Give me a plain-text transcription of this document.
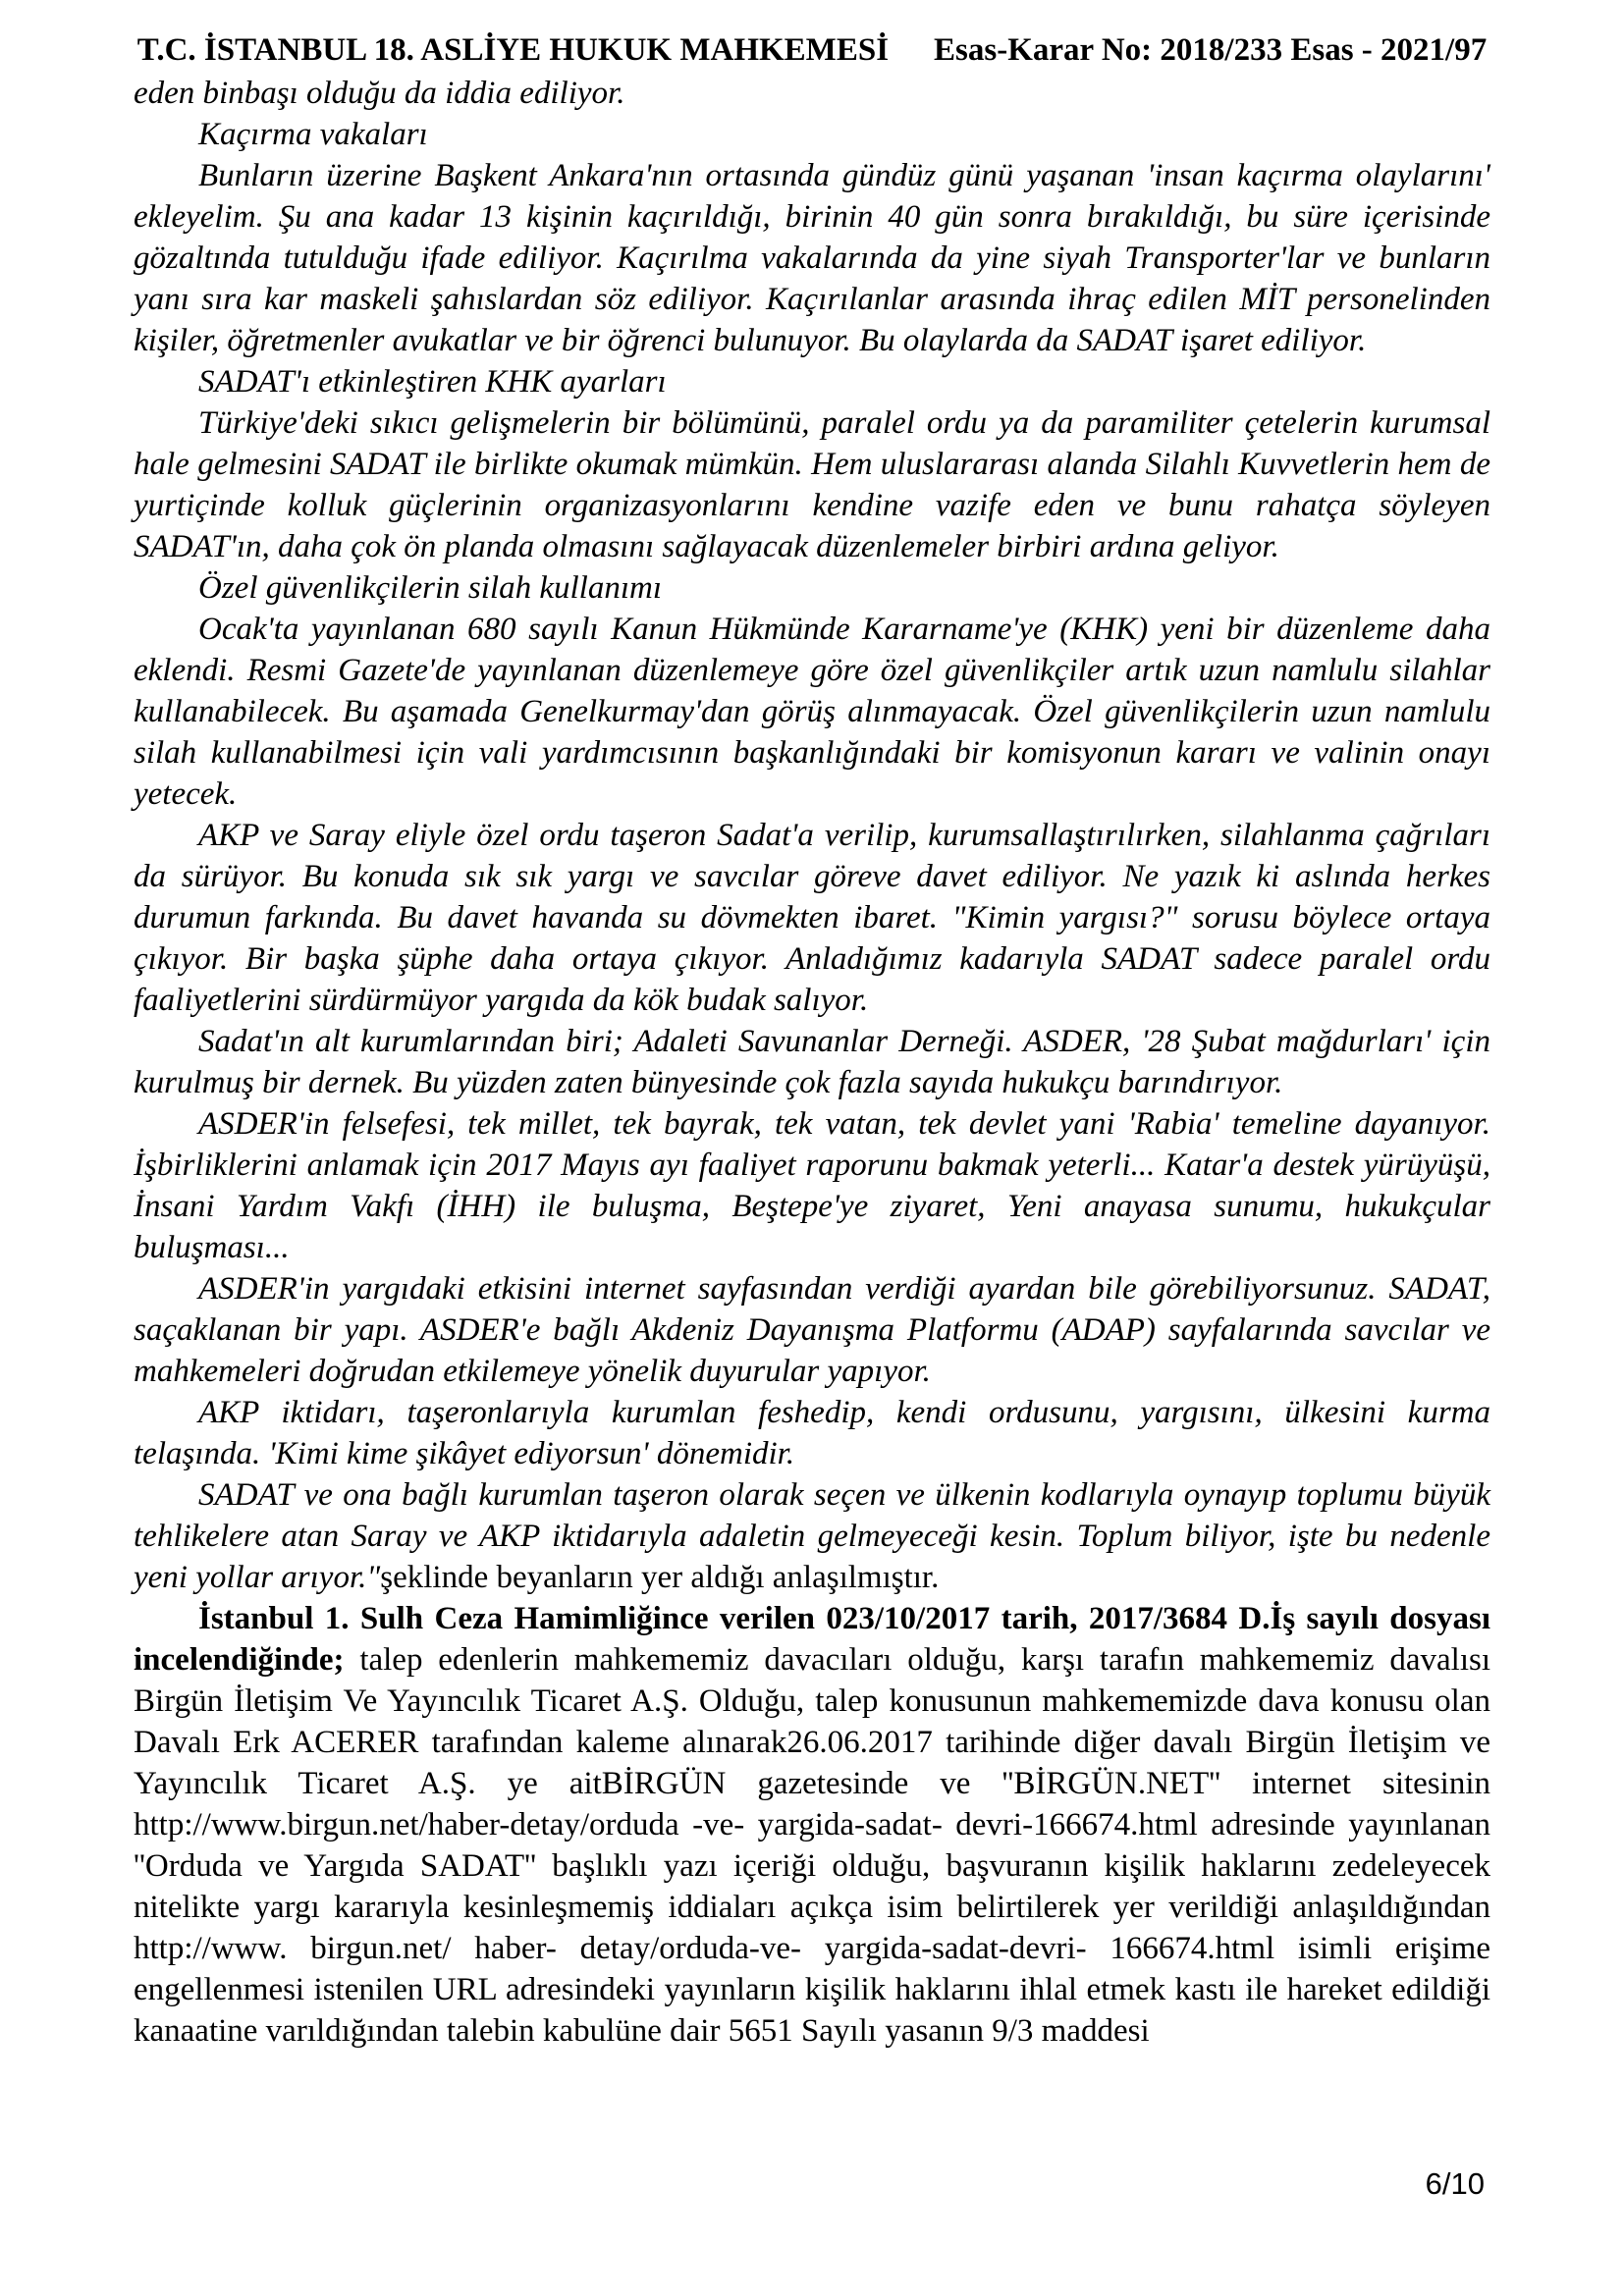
T.C. İSTANBUL 18. ASLİYE HUKUK MAHKEMESİ Esas-Karar No: 2018/233 Esas - 2021/97

eden binbaşı olduğu da iddia ediliyor.

Kaçırma vakaları

Bunların üzerine Başkent Ankara'nın ortasında gündüz günü yaşanan 'insan kaçırma olaylarını' ekleyelim. Şu ana kadar 13 kişinin kaçırıldığı, birinin 40 gün sonra bırakıldığı, bu süre içerisinde gözaltında tutulduğu ifade ediliyor. Kaçırılma vakalarında da yine siyah Transporter'lar ve bunların yanı sıra kar maskeli şahıslardan söz ediliyor. Kaçırılanlar arasında ihraç edilen MİT personelinden kişiler, öğretmenler avukatlar ve bir öğrenci bulunuyor. Bu olaylarda da SADAT işaret ediliyor.

SADAT'ı etkinleştiren KHK ayarları

Türkiye'deki sıkıcı gelişmelerin bir bölümünü, paralel ordu ya da paramiliter çetelerin kurumsal hale gelmesini SADAT ile birlikte okumak mümkün. Hem uluslararası alanda Silahlı Kuvvetlerin hem de yurtiçinde kolluk güçlerinin organizasyonlarını kendine vazife eden ve bunu rahatça söyleyen SADAT'ın, daha çok ön planda olmasını sağlayacak düzenlemeler birbiri ardına geliyor.

Özel güvenlikçilerin silah kullanımı

Ocak'ta yayınlanan 680 sayılı Kanun Hükmünde Kararname'ye (KHK) yeni bir düzenleme daha eklendi. Resmi Gazete'de yayınlanan düzenlemeye göre özel güvenlikçiler artık uzun namlulu silahlar kullanabilecek. Bu aşamada Genelkurmay'dan görüş alınmayacak. Özel güvenlikçilerin uzun namlulu silah kullanabilmesi için vali yardımcısının başkanlığındaki bir komisyonun kararı ve valinin onayı yetecek.

AKP ve Saray eliyle özel ordu taşeron Sadat'a verilip, kurumsallaştırılırken, silahlanma çağrıları da sürüyor. Bu konuda sık sık yargı ve savcılar göreve davet ediliyor. Ne yazık ki aslında herkes durumun farkında. Bu davet havanda su dövmekten ibaret. "Kimin yargısı?" sorusu böylece ortaya çıkıyor. Bir başka şüphe daha ortaya çıkıyor. Anladığımız kadarıyla SADAT sadece paralel ordu faaliyetlerini sürdürmüyor yargıda da kök budak salıyor.

Sadat'ın alt kurumlarından biri; Adaleti Savunanlar Derneği. ASDER, '28 Şubat mağdurları' için kurulmuş bir dernek. Bu yüzden zaten bünyesinde çok fazla sayıda hukukçu barındırıyor.

ASDER'in felsefesi, tek millet, tek bayrak, tek vatan, tek devlet yani 'Rabia' temeline dayanıyor. İşbirliklerini anlamak için 2017 Mayıs ayı faaliyet raporunu bakmak yeterli... Katar'a destek yürüyüşü, İnsani Yardım Vakfı (İHH) ile buluşma, Beştepe'ye ziyaret, Yeni anayasa sunumu, hukukçular buluşması...

ASDER'in yargıdaki etkisini internet sayfasından verdiği ayardan bile görebiliyorsunuz. SADAT, saçaklanan bir yapı. ASDER'e bağlı Akdeniz Dayanışma Platformu (ADAP) sayfalarında savcılar ve mahkemeleri doğrudan etkilemeye yönelik duyurular yapıyor.

AKP iktidarı, taşeronlarıyla kurumlan feshedip, kendi ordusunu, yargısını, ülkesini kurma telaşında. 'Kimi kime şikâyet ediyorsun' dönemidir.

SADAT ve ona bağlı kurumlan taşeron olarak seçen ve ülkenin kodlarıyla oynayıp toplumu büyük tehlikelere atan Saray ve AKP iktidarıyla adaletin gelmeyeceği kesin. Toplum biliyor, işte bu nedenle yeni yollar arıyor."şeklinde beyanların yer aldığı anlaşılmıştır.

İstanbul 1. Sulh Ceza Hamimliğince verilen 023/10/2017 tarih, 2017/3684 D.İş sayılı dosyası incelendiğinde; talep edenlerin mahkememiz davacıları olduğu, karşı tarafın mahkememiz davalısı Birgün İletişim Ve Yayıncılık Ticaret A.Ş. Olduğu, talep konusunun mahkememizde dava konusu olan Davalı Erk ACERER tarafından kaleme alınarak26.06.2017 tarihinde diğer davalı Birgün İletişim ve Yayıncılık Ticaret A.Ş. ye aitBİRGÜN gazetesinde ve ''BİRGÜN.NET'' internet sitesinin http://www.birgun.net/haber-detay/orduda -ve- yargida-sadat- devri-166674.html adresinde yayınlanan ''Orduda ve Yargıda SADAT'' başlıklı yazı içeriği olduğu, başvuranın kişilik haklarını zedeleyecek nitelikte yargı kararıyla kesinleşmemiş iddiaları açıkça isim belirtilerek yer verildiği anlaşıldığından http://www. birgun.net/ haber- detay/orduda-ve- yargida-sadat-devri- 166674.html isimli erişime engellenmesi istenilen URL adresindeki yayınların kişilik haklarını ihlal etmek kastı ile hareket edildiği kanaatine varıldığından talebin kabulüne dair 5651 Sayılı yasanın 9/3 maddesi

6/10
